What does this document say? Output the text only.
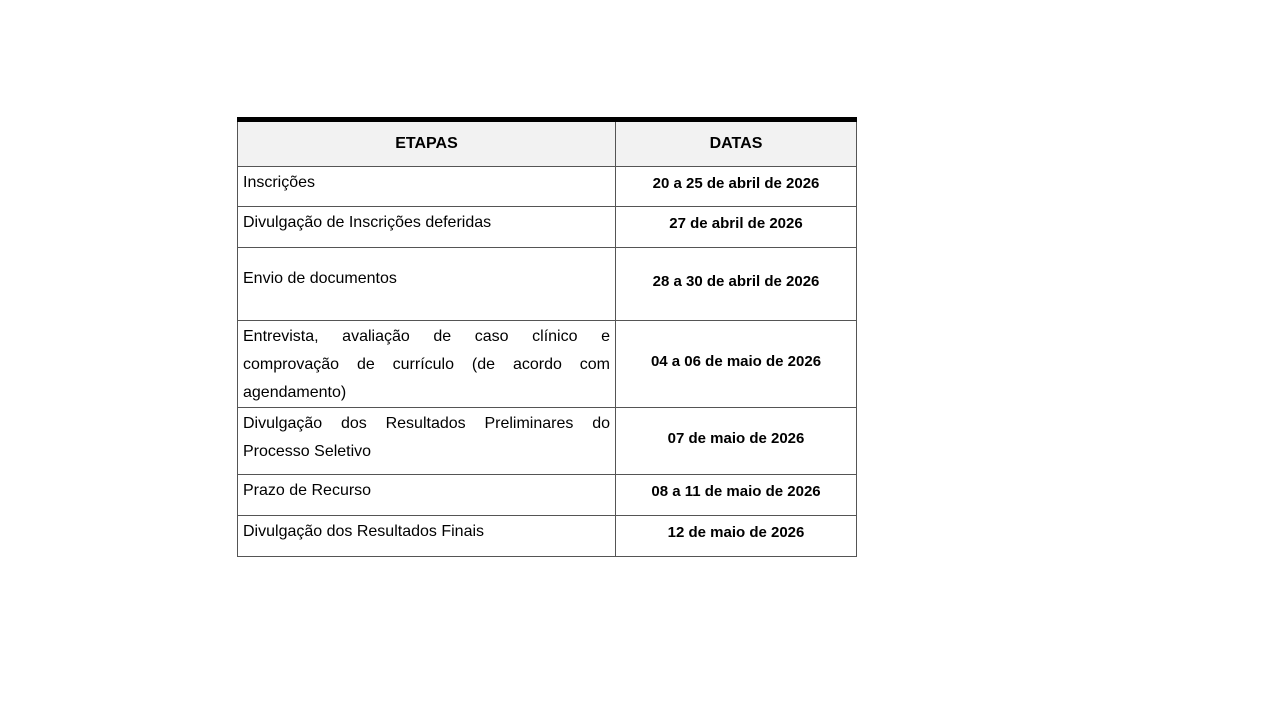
ETAPAS	DATAS
Inscrições	20 a 25 de abril de 2026
Divulgação de Inscrições deferidas	27 de abril de 2026
Envio de documentos	28 a 30 de abril de 2026
Entrevista, avaliação de caso clínico e comprovação de currículo (de acordo com agendamento)	04 a 06 de maio de 2026
Divulgação dos Resultados Preliminares do Processo Seletivo	07 de maio de 2026
Prazo de Recurso	08 a 11 de maio de 2026
Divulgação dos Resultados Finais	12 de maio de 2026
